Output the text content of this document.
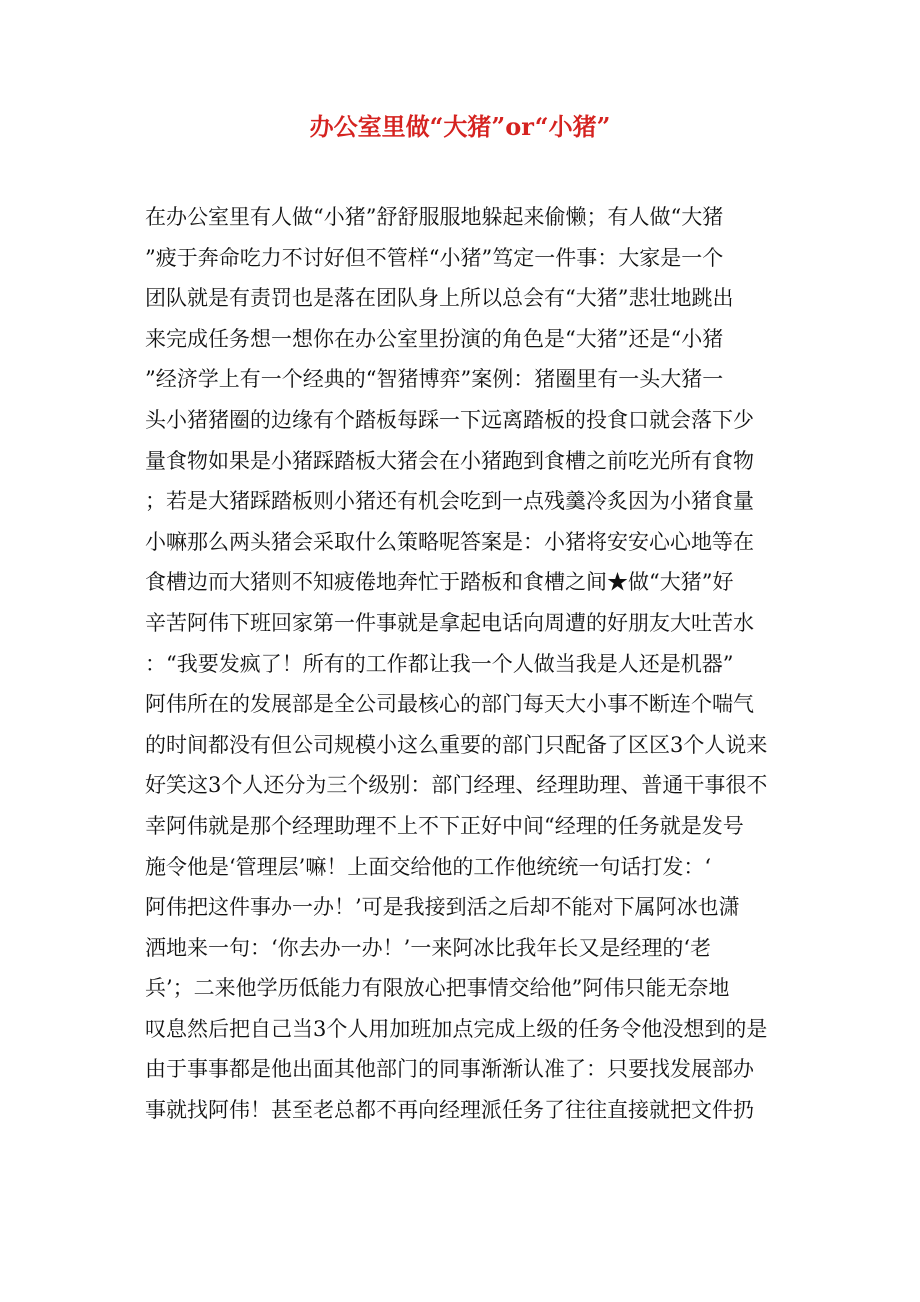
办公室里做“大猪”or“小猪”
在办公室里有人做“小猪”舒舒服服地躲起来偷懒；有人做“大猪
”疲于奔命吃力不讨好但不管样“小猪”笃定一件事：大家是一个
团队就是有责罚也是落在团队身上所以总会有“大猪”悲壮地跳出
来完成任务想一想你在办公室里扮演的角色是“大猪”还是“小猪
”经济学上有一个经典的“智猪博弈”案例：猪圈里有一头大猪一
头小猪猪圈的边缘有个踏板每踩一下远离踏板的投食口就会落下少
量食物如果是小猪踩踏板大猪会在小猪跑到食槽之前吃光所有食物
；若是大猪踩踏板则小猪还有机会吃到一点残羹冷炙因为小猪食量
小嘛那么两头猪会采取什么策略呢答案是：小猪将安安心心地等在
食槽边而大猪则不知疲倦地奔忙于踏板和食槽之间★做“大猪”好
辛苦阿伟下班回家第一件事就是拿起电话向周遭的好朋友大吐苦水
：“我要发疯了！所有的工作都让我一个人做当我是人还是机器”
阿伟所在的发展部是全公司最核心的部门每天大小事不断连个喘气
的时间都没有但公司规模小这么重要的部门只配备了区区3个人说来
好笑这3个人还分为三个级别：部门经理、经理助理、普通干事很不
幸阿伟就是那个经理助理不上不下正好中间“经理的任务就是发号
施令他是‘管理层’嘛！上面交给他的工作他统统一句话打发：‘
阿伟把这件事办一办！’可是我接到活之后却不能对下属阿冰也潇
洒地来一句：‘你去办一办！’一来阿冰比我年长又是经理的‘老
兵’；二来他学历低能力有限放心把事情交给他”阿伟只能无奈地
叹息然后把自己当3个人用加班加点完成上级的任务令他没想到的是
由于事事都是他出面其他部门的同事渐渐认准了：只要找发展部办
事就找阿伟！甚至老总都不再向经理派任务了往往直接就把文件扔
